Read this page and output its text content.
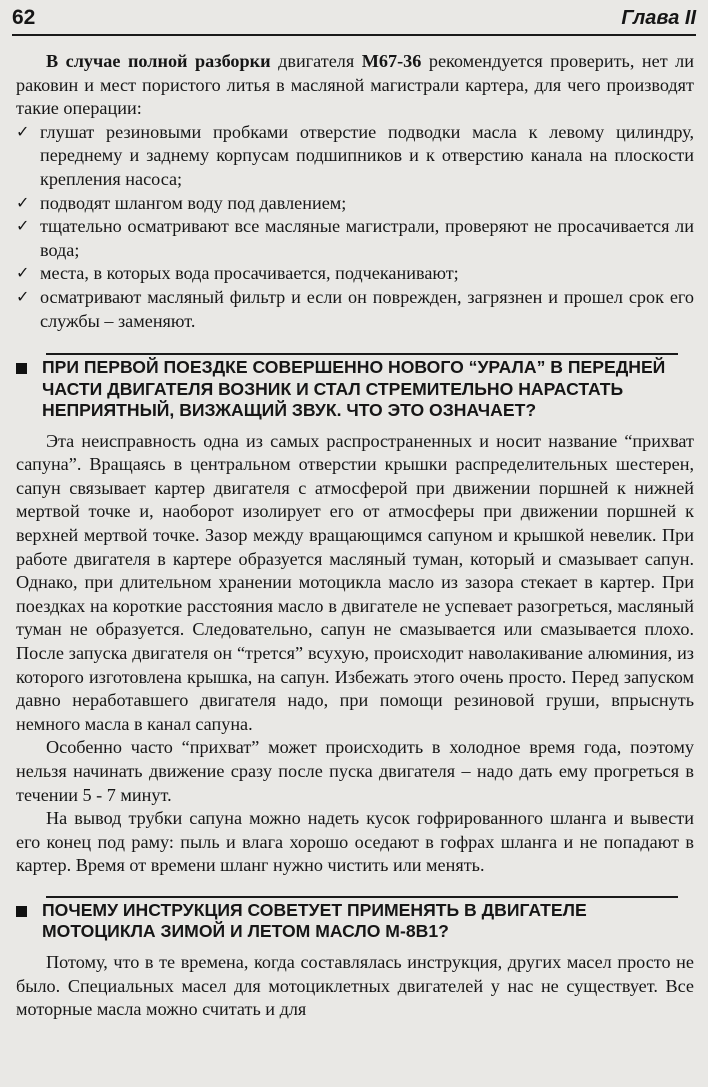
62	Глава II

В случае полной разборки двигателя М67-36 рекомендуется проверить, нет ли раковин и мест пористого литья в масляной магистрали картера, для чего производят такие операции:

✓ глушат резиновыми пробками отверстие подводки масла к левому цилиндру, переднему и заднему корпусам подшипников и к отверстию канала на плоскости крепления насоса;
✓ подводят шлангом воду под давлением;
✓ тщательно осматривают все масляные магистрали, проверяют не просачивается ли вода;
✓ места, в которых вода просачивается, подчеканивают;
✓ осматривают масляный фильтр и если он поврежден, загрязнен и прошел срок его службы – заменяют.
ПРИ ПЕРВОЙ ПОЕЗДКЕ СОВЕРШЕННО НОВОГО “УРАЛА” В ПЕРЕДНЕЙ ЧАСТИ ДВИГАТЕЛЯ ВОЗНИК И СТАЛ СТРЕМИТЕЛЬНО НАРАСТАТЬ НЕПРИЯТНЫЙ, ВИЗЖАЩИЙ ЗВУК. ЧТО ЭТО ОЗНАЧАЕТ?

Эта неисправность одна из самых распространенных и носит название “прихват сапуна”. Вращаясь в центральном отверстии крышки распределительных шестерен, сапун связывает картер двигателя с атмосферой при движении поршней к нижней мертвой точке и, наоборот изолирует его от атмосферы при движении поршней к верхней мертвой точке. Зазор между вращающимся сапуном и крышкой невелик. При работе двигателя в картере образуется масляный туман, который и смазывает сапун. Однако, при длительном хранении мотоцикла масло из зазора стекает в картер. При поездках на короткие расстояния масло в двигателе не успевает разогреться, масляный туман не образуется. Следовательно, сапун не смазывается или смазывается плохо. После запуска двигателя он “трется” всухую, происходит наволакивание алюминия, из которого изготовлена крышка, на сапун. Избежать этого очень просто. Перед запуском давно неработавшего двигателя надо, при помощи резиновой груши, впрыснуть немного масла в канал сапуна.

Особенно часто “прихват” может происходить в холодное время года, поэтому нельзя начинать движение сразу после пуска двигателя – надо дать ему прогреться в течении 5 - 7 минут.

На вывод трубки сапуна можно надеть кусок гофрированного шланга и вывести его конец под раму: пыль и влага хорошо оседают в гофрах шланга и не попадают в картер. Время от времени шланг нужно чистить или менять.

ПОЧЕМУ ИНСТРУКЦИЯ СОВЕТУЕТ ПРИМЕНЯТЬ В ДВИГАТЕЛЕ МОТОЦИКЛА ЗИМОЙ И ЛЕТОМ МАСЛО М-8В1?

Потому, что в те времена, когда составлялась инструкция, других масел просто не было. Специальных масел для мотоциклетных двигателей у нас не существует. Все моторные масла можно считать и для
